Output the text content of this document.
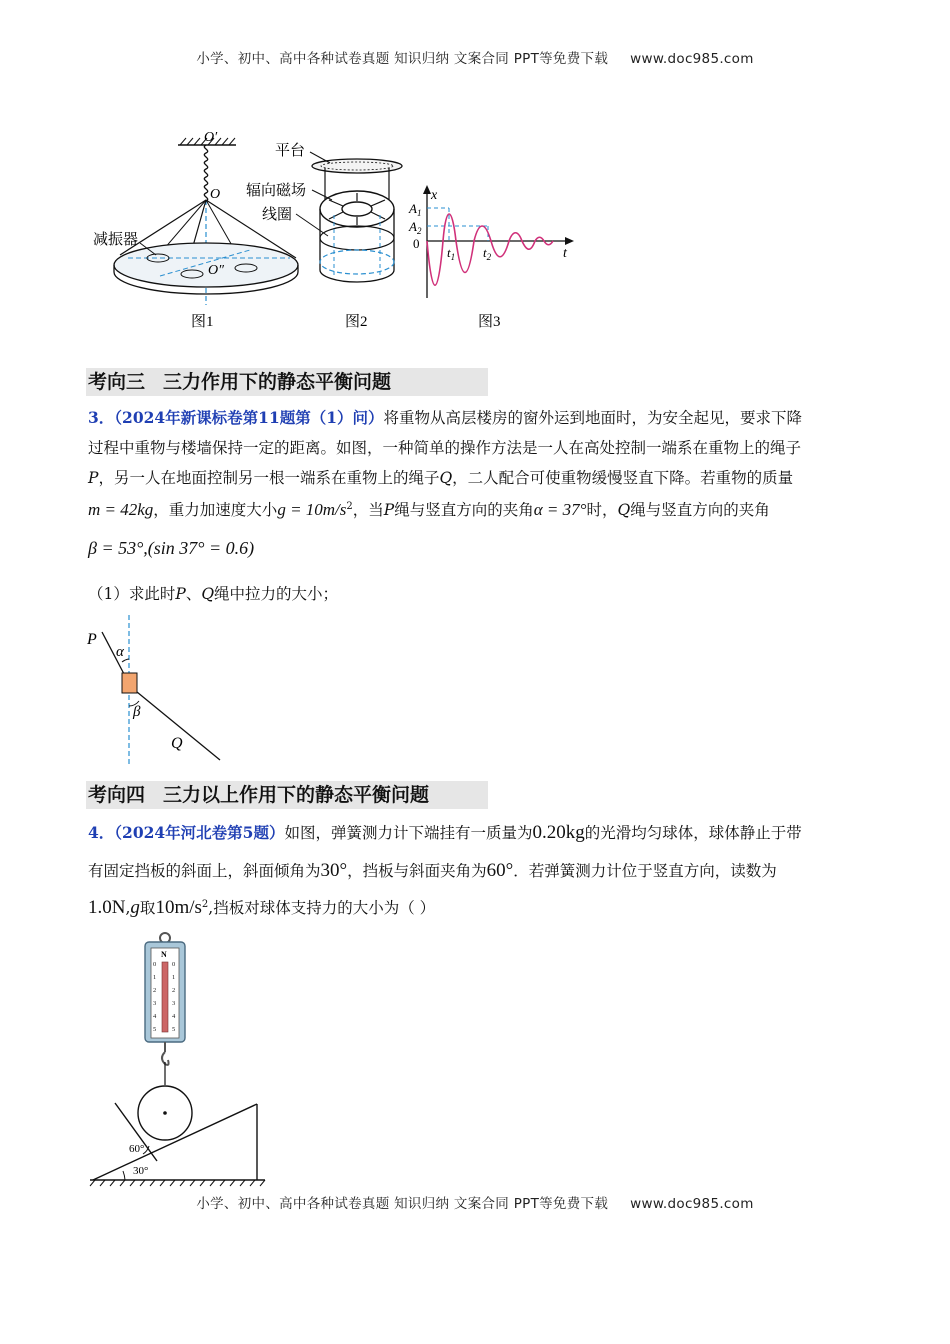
小学、初中、高中各种试卷真题 知识归纳 文案合同 PPT等免费下载 www.doc985.com
O′
O
O″
减振器
图1
平台
辐向磁场
线圈
图2
x
t
$A_1$
$A_2$
0
$t_1$ $t_2$
图3
考向三 三力作用下的静态平衡问题
3．（2024年新课标卷第11题第（1）问）将重物从高层楼房的窗外运到地面时，为安全起见，要求下降
过程中重物与楼墙保持一定的距离。如图，一种简单的操作方法是一人在高处控制一端系在重物上的绳子
P，另一人在地面控制另一根一端系在重物上的绳子Q，二人配合可使重物缓慢竖直下降。若重物的质量
m = 42kg，重力加速度大小$g = 10m/s^2$，当P绳与竖直方向的夹角α = 37°时，Q绳与竖直方向的夹角
β = 53°,(sin 37° = 0.6)
（1）求此时P、Q绳中拉力的大小；
P
α
β
Q
考向四 三力以上作用下的静态平衡问题
4．（2024年河北卷第5题）如图，弹簧测力计下端挂有一质量为0.20kg的光滑均匀球体，球体静止于带
有固定挡板的斜面上，斜面倾角为30°，挡板与斜面夹角为60°．若弹簧测力计位于竖直方向，读数为
1.0N,g取$10m/s^2$,挡板对球体支持力的大小为（ ）
N
0
1
2
3
4
5
0
1
2
3
4
5
60°
30°
小学、初中、高中各种试卷真题 知识归纳 文案合同 PPT等免费下载 www.doc985.com
